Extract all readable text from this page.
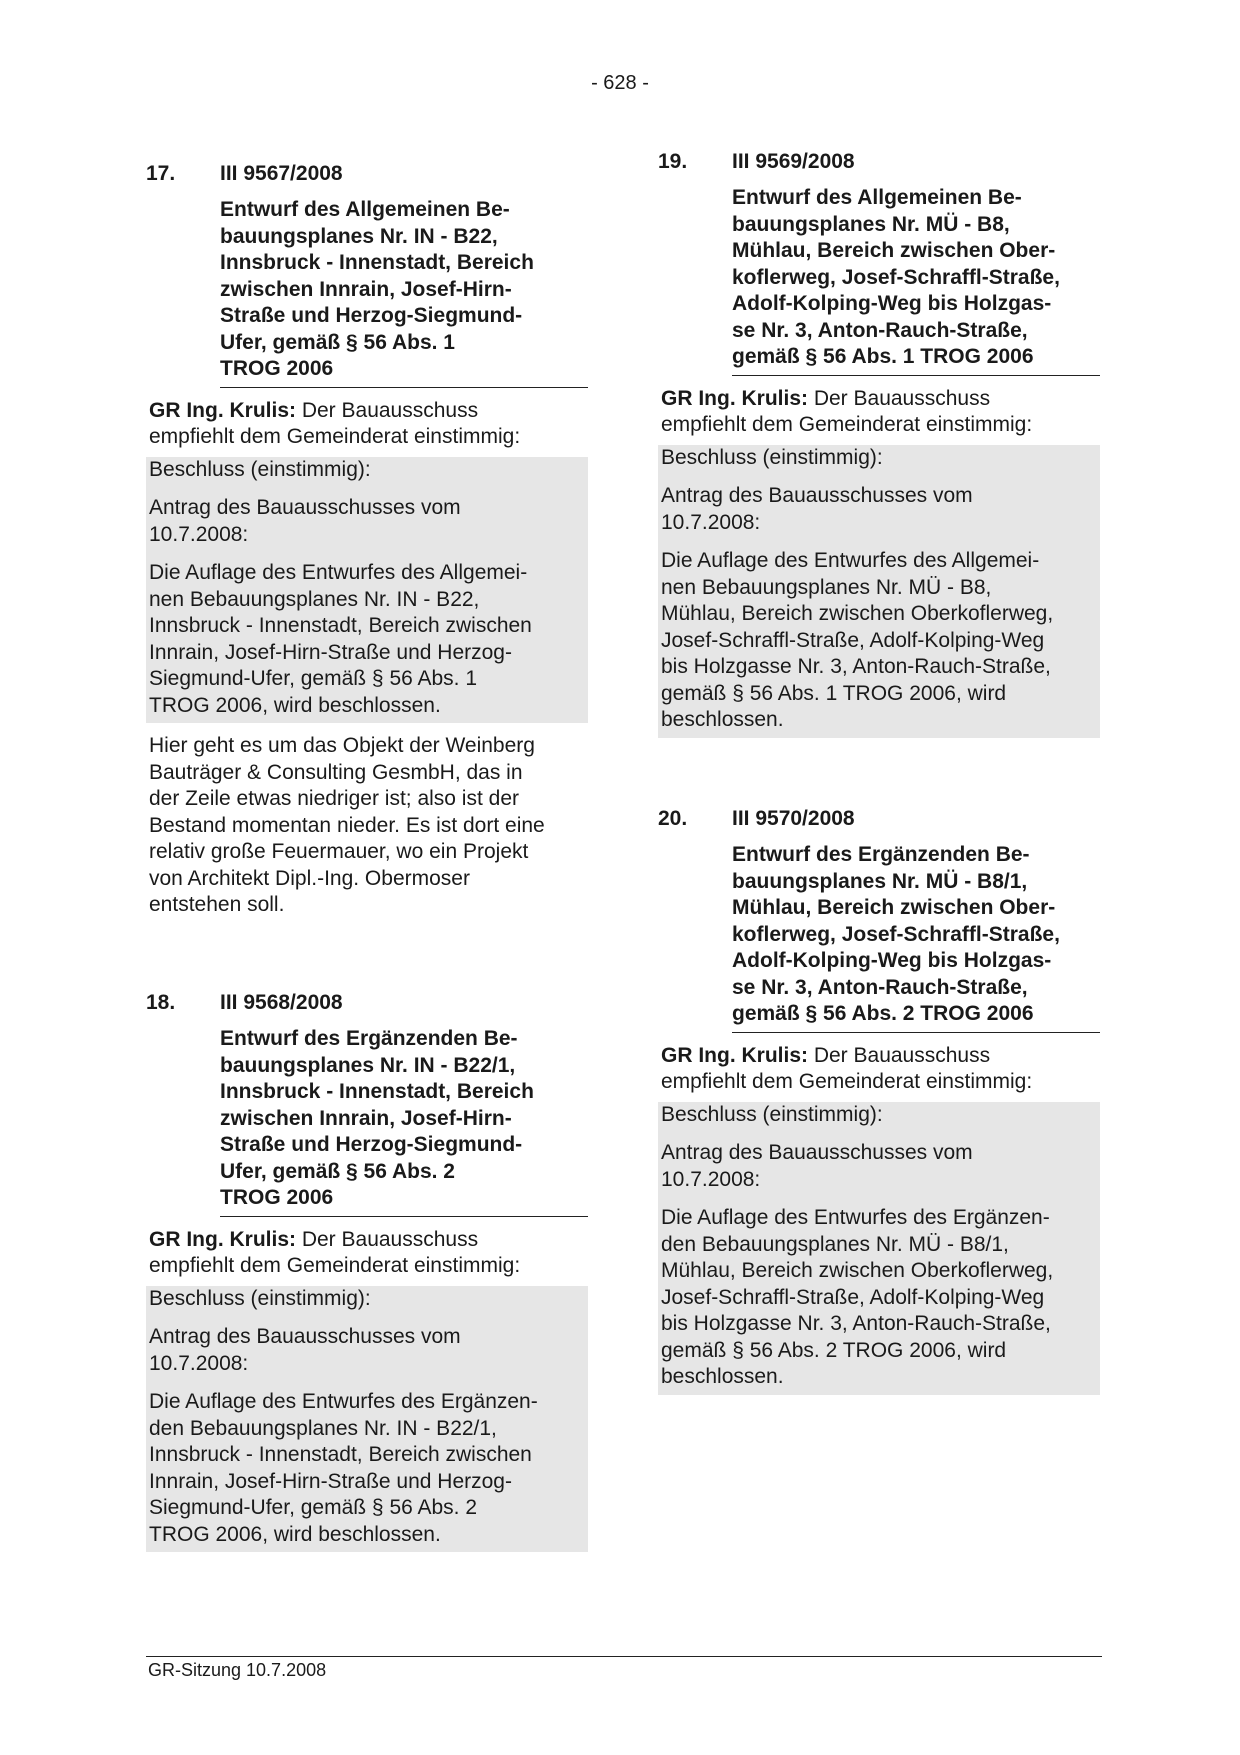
- 628 -
17.	III 9567/2008
Entwurf des Allgemeinen Be-
bauungsplanes Nr. IN - B22,
Innsbruck - Innenstadt, Bereich
zwischen Innrain, Josef-Hirn-
Straße und Herzog-Siegmund-
Ufer, gemäß § 56 Abs. 1
TROG 2006
GR Ing. Krulis: Der Bauausschuss
empfiehlt dem Gemeinderat einstimmig:
Beschluss (einstimmig):
Antrag des Bauausschusses vom
10.7.2008:
Die Auflage des Entwurfes des Allgemei-
nen Bebauungsplanes Nr. IN - B22,
Innsbruck - Innenstadt, Bereich zwischen
Innrain, Josef-Hirn-Straße und Herzog-
Siegmund-Ufer, gemäß § 56 Abs. 1
TROG 2006, wird beschlossen.
Hier geht es um das Objekt der Weinberg
Bauträger & Consulting GesmbH, das in
der Zeile etwas niedriger ist; also ist der
Bestand momentan nieder. Es ist dort eine
relativ große Feuermauer, wo ein Projekt
von Architekt Dipl.-Ing. Obermoser
entstehen soll.
18.	III 9568/2008
Entwurf des Ergänzenden Be-
bauungsplanes Nr. IN - B22/1,
Innsbruck - Innenstadt, Bereich
zwischen Innrain, Josef-Hirn-
Straße und Herzog-Siegmund-
Ufer, gemäß § 56 Abs. 2
TROG 2006
GR Ing. Krulis: Der Bauausschuss
empfiehlt dem Gemeinderat einstimmig:
Beschluss (einstimmig):
Antrag des Bauausschusses vom
10.7.2008:
Die Auflage des Entwurfes des Ergänzen-
den Bebauungsplanes Nr. IN - B22/1,
Innsbruck - Innenstadt, Bereich zwischen
Innrain, Josef-Hirn-Straße und Herzog-
Siegmund-Ufer, gemäß § 56 Abs. 2
TROG 2006, wird beschlossen.
19.	III 9569/2008
Entwurf des Allgemeinen Be-
bauungsplanes Nr. MÜ - B8,
Mühlau, Bereich zwischen Ober-
koflerweg, Josef-Schraffl-Straße,
Adolf-Kolping-Weg bis Holzgas-
se Nr. 3, Anton-Rauch-Straße,
gemäß § 56 Abs. 1 TROG 2006
GR Ing. Krulis: Der Bauausschuss
empfiehlt dem Gemeinderat einstimmig:
Beschluss (einstimmig):
Antrag des Bauausschusses vom
10.7.2008:
Die Auflage des Entwurfes des Allgemei-
nen Bebauungsplanes Nr. MÜ - B8,
Mühlau, Bereich zwischen Oberkoflerweg,
Josef-Schraffl-Straße, Adolf-Kolping-Weg
bis Holzgasse Nr. 3, Anton-Rauch-Straße,
gemäß § 56 Abs. 1 TROG 2006, wird
beschlossen.
20.	III 9570/2008
Entwurf des Ergänzenden Be-
bauungsplanes Nr. MÜ - B8/1,
Mühlau, Bereich zwischen Ober-
koflerweg, Josef-Schraffl-Straße,
Adolf-Kolping-Weg bis Holzgas-
se Nr. 3, Anton-Rauch-Straße,
gemäß § 56 Abs. 2 TROG 2006
GR Ing. Krulis: Der Bauausschuss
empfiehlt dem Gemeinderat einstimmig:
Beschluss (einstimmig):
Antrag des Bauausschusses vom
10.7.2008:
Die Auflage des Entwurfes des Ergänzen-
den Bebauungsplanes Nr. MÜ - B8/1,
Mühlau, Bereich zwischen Oberkoflerweg,
Josef-Schraffl-Straße, Adolf-Kolping-Weg
bis Holzgasse Nr. 3, Anton-Rauch-Straße,
gemäß § 56 Abs. 2 TROG 2006, wird
beschlossen.
GR-Sitzung 10.7.2008
